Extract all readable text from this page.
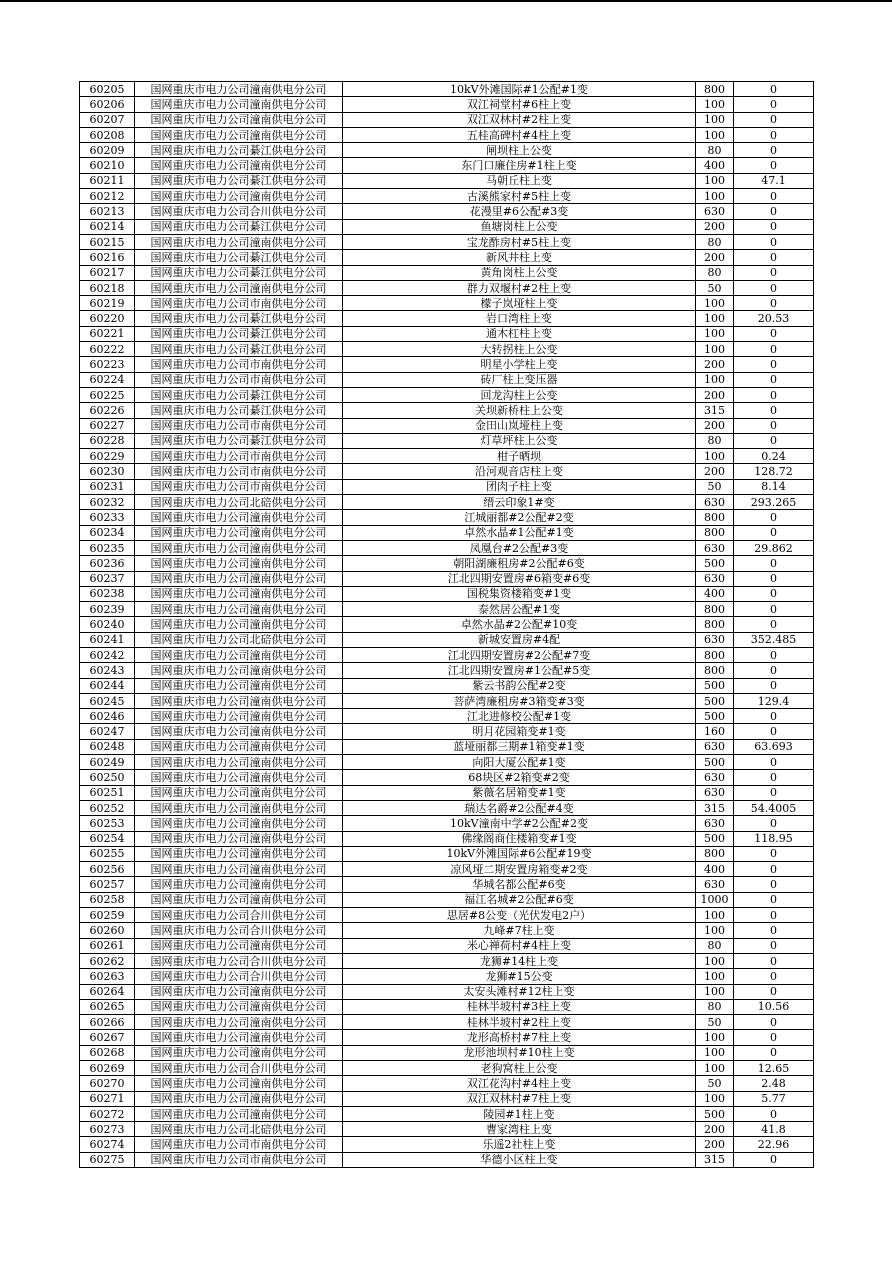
60205	国网重庆市电力公司潼南供电分公司	10kV外滩国际#1公配#1变	800	0
60206	国网重庆市电力公司潼南供电分公司	双江祠堂村#6柱上变	100	0
60207	国网重庆市电力公司潼南供电分公司	双江双林村#2柱上变	100	0
60208	国网重庆市电力公司潼南供电分公司	五桂高碑村#4柱上变	100	0
60209	国网重庆市电力公司綦江供电分公司	闸坝柱上公变	80	0
60210	国网重庆市电力公司潼南供电分公司	东门口廉住房#1柱上变	400	0
60211	国网重庆市电力公司綦江供电分公司	马朝丘柱上变	100	47.1
60212	国网重庆市电力公司潼南供电分公司	古溪熊家村#5柱上变	100	0
60213	国网重庆市电力公司合川供电分公司	花漫里#6公配#3变	630	0
60214	国网重庆市电力公司綦江供电分公司	鱼塘岗柱上公变	200	0
60215	国网重庆市电力公司潼南供电分公司	宝龙酢房村#5柱上变	80	0
60216	国网重庆市电力公司綦江供电分公司	新风井柱上变	200	0
60217	国网重庆市电力公司綦江供电分公司	黄角岗柱上公变	80	0
60218	国网重庆市电力公司潼南供电分公司	群力双堰村#2柱上变	50	0
60219	国网重庆市电力公司市南供电分公司	檬子岚垭柱上变	100	0
60220	国网重庆市电力公司綦江供电分公司	岩口湾柱上变	100	20.53
60221	国网重庆市电力公司綦江供电分公司	通木杠柱上变	100	0
60222	国网重庆市电力公司綦江供电分公司	大转拐柱上公变	100	0
60223	国网重庆市电力公司市南供电分公司	明星小学柱上变	200	0
60224	国网重庆市电力公司市南供电分公司	砖厂柱上变压器	100	0
60225	国网重庆市电力公司綦江供电分公司	回龙沟柱上公变	200	0
60226	国网重庆市电力公司綦江供电分公司	关坝新桥柱上公变	315	0
60227	国网重庆市电力公司市南供电分公司	金田山岚垭柱上变	200	0
60228	国网重庆市电力公司綦江供电分公司	灯草坪柱上公变	80	0
60229	国网重庆市电力公司市南供电分公司	柑子晒坝	100	0.24
60230	国网重庆市电力公司市南供电分公司	沿河观音店柱上变	200	128.72
60231	国网重庆市电力公司市南供电分公司	团肉子柱上变	50	8.14
60232	国网重庆市电力公司北碚供电分公司	缙云印象1#变	630	293.265
60233	国网重庆市电力公司潼南供电分公司	江城丽都#2公配#2变	800	0
60234	国网重庆市电力公司潼南供电分公司	卓然水晶#1公配#1变	800	0
60235	国网重庆市电力公司潼南供电分公司	凤凰台#2公配#3变	630	29.862
60236	国网重庆市电力公司潼南供电分公司	朝阳湖廉租房#2公配#6变	500	0
60237	国网重庆市电力公司潼南供电分公司	江北四期安置房#6箱变#6变	630	0
60238	国网重庆市电力公司潼南供电分公司	国税集资楼箱变#1变	400	0
60239	国网重庆市电力公司潼南供电分公司	泰然居公配#1变	800	0
60240	国网重庆市电力公司潼南供电分公司	卓然水晶#2公配#10变	800	0
60241	国网重庆市电力公司北碚供电分公司	新城安置房#4配	630	352.485
60242	国网重庆市电力公司潼南供电分公司	江北四期安置房#2公配#7变	800	0
60243	国网重庆市电力公司潼南供电分公司	江北四期安置房#1公配#5变	800	0
60244	国网重庆市电力公司潼南供电分公司	紫云书韵公配#2变	500	0
60245	国网重庆市电力公司潼南供电分公司	菩萨湾廉租房#3箱变#3变	500	129.4
60246	国网重庆市电力公司潼南供电分公司	江北进修校公配#1变	500	0
60247	国网重庆市电力公司潼南供电分公司	明月花园箱变#1变	160	0
60248	国网重庆市电力公司潼南供电分公司	蓝垭丽都三期#1箱变#1变	630	63.693
60249	国网重庆市电力公司潼南供电分公司	向阳大厦公配#1变	500	0
60250	国网重庆市电力公司潼南供电分公司	68块区#2箱变#2变	630	0
60251	国网重庆市电力公司潼南供电分公司	紫薇名居箱变#1变	630	0
60252	国网重庆市电力公司潼南供电分公司	瑞达名爵#2公配#4变	315	54.4005
60253	国网重庆市电力公司潼南供电分公司	10kV潼南中学#2公配#2变	630	0
60254	国网重庆市电力公司潼南供电分公司	佛缘阁商住楼箱变#1变	500	118.95
60255	国网重庆市电力公司潼南供电分公司	10kV外滩国际#6公配#19变	800	0
60256	国网重庆市电力公司潼南供电分公司	凉风垭二期安置房箱变#2变	400	0
60257	国网重庆市电力公司潼南供电分公司	华城名都公配#6变	630	0
60258	国网重庆市电力公司潼南供电分公司	福江名城#2公配#6变	1000	0
60259	国网重庆市电力公司合川供电分公司	思居#8公变（光伏发电2户）	100	0
60260	国网重庆市电力公司合川供电分公司	九峰#7柱上变	100	0
60261	国网重庆市电力公司潼南供电分公司	米心禅荷村#4柱上变	80	0
60262	国网重庆市电力公司合川供电分公司	龙狮#14柱上变	100	0
60263	国网重庆市电力公司合川供电分公司	龙狮#15公变	100	0
60264	国网重庆市电力公司潼南供电分公司	太安头滩村#12柱上变	100	0
60265	国网重庆市电力公司潼南供电分公司	桂林半坡村#3柱上变	80	10.56
60266	国网重庆市电力公司潼南供电分公司	桂林半坡村#2柱上变	50	0
60267	国网重庆市电力公司潼南供电分公司	龙形高桥村#7柱上变	100	0
60268	国网重庆市电力公司潼南供电分公司	龙形池坝村#10柱上变	100	0
60269	国网重庆市电力公司合川供电分公司	老狗窝柱上公变	100	12.65
60270	国网重庆市电力公司潼南供电分公司	双江花沟村#4柱上变	50	2.48
60271	国网重庆市电力公司潼南供电分公司	双江双林村#7柱上变	100	5.77
60272	国网重庆市电力公司潼南供电分公司	陵园#1柱上变	500	0
60273	国网重庆市电力公司北碚供电分公司	曹家湾柱上变	200	41.8
60274	国网重庆市电力公司市南供电分公司	乐遥2社柱上变	200	22.96
60275	国网重庆市电力公司市南供电分公司	华德小区柱上变	315	0
